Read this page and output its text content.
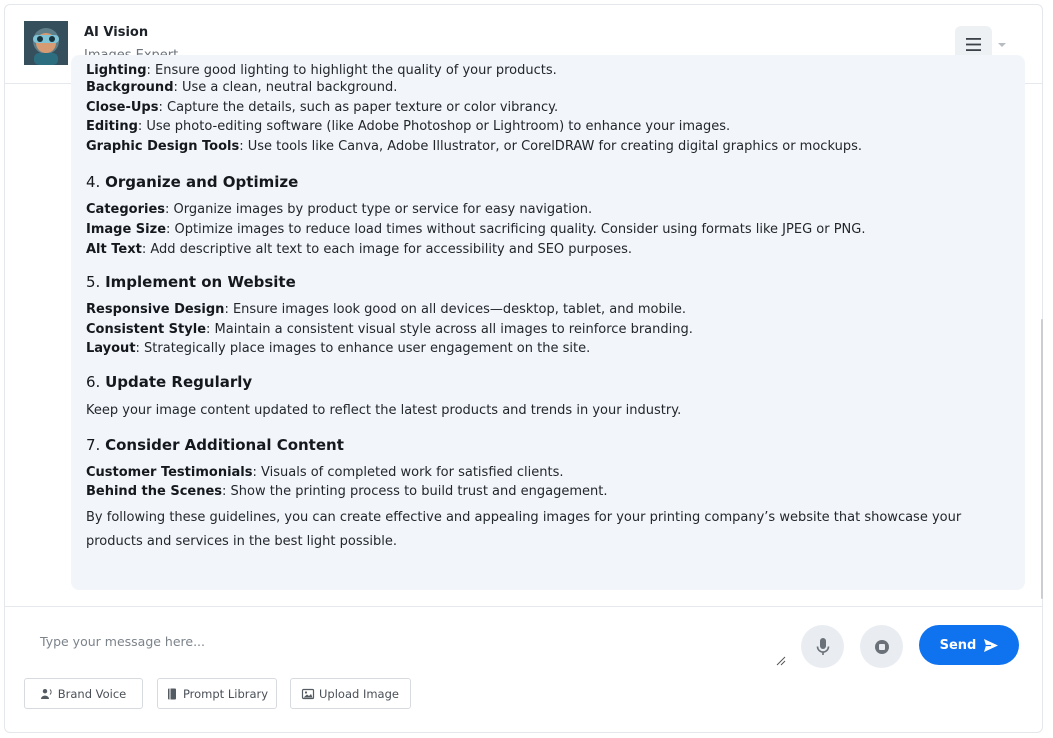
AI Vision
Lighting: Ensure good lighting to highlight the quality of your products.
Background: Use a clean, neutral background.
Close-Ups: Capture the details, such as paper texture or color vibrancy.
Editing: Use photo-editing software (like Adobe Photoshop or Lightroom) to enhance your images.
Graphic Design Tools: Use tools like Canva, Adobe Illustrator, or CorelDRAW for creating digital graphics or mockups.
4. Organize and Optimize
Categories: Organize images by product type or service for easy navigation.
Image Size: Optimize images to reduce load times without sacrificing quality. Consider using formats like JPEG or PNG.
Alt Text: Add descriptive alt text to each image for accessibility and SEO purposes.
5. Implement on Website
Responsive Design: Ensure images look good on all devices—desktop, tablet, and mobile.
Consistent Style: Maintain a consistent visual style across all images to reinforce branding.
Layout: Strategically place images to enhance user engagement on the site.
6. Update Regularly
Keep your image content updated to reflect the latest products and trends in your industry.
7. Consider Additional Content
Customer Testimonials: Visuals of completed work for satisfied clients.
Behind the Scenes: Show the printing process to build trust and engagement.
By following these guidelines, you can create effective and appealing images for your printing company’s website that showcase your products and services in the best light possible.
Type your message here...
Send
Brand Voice	Prompt Library	Upload Image
